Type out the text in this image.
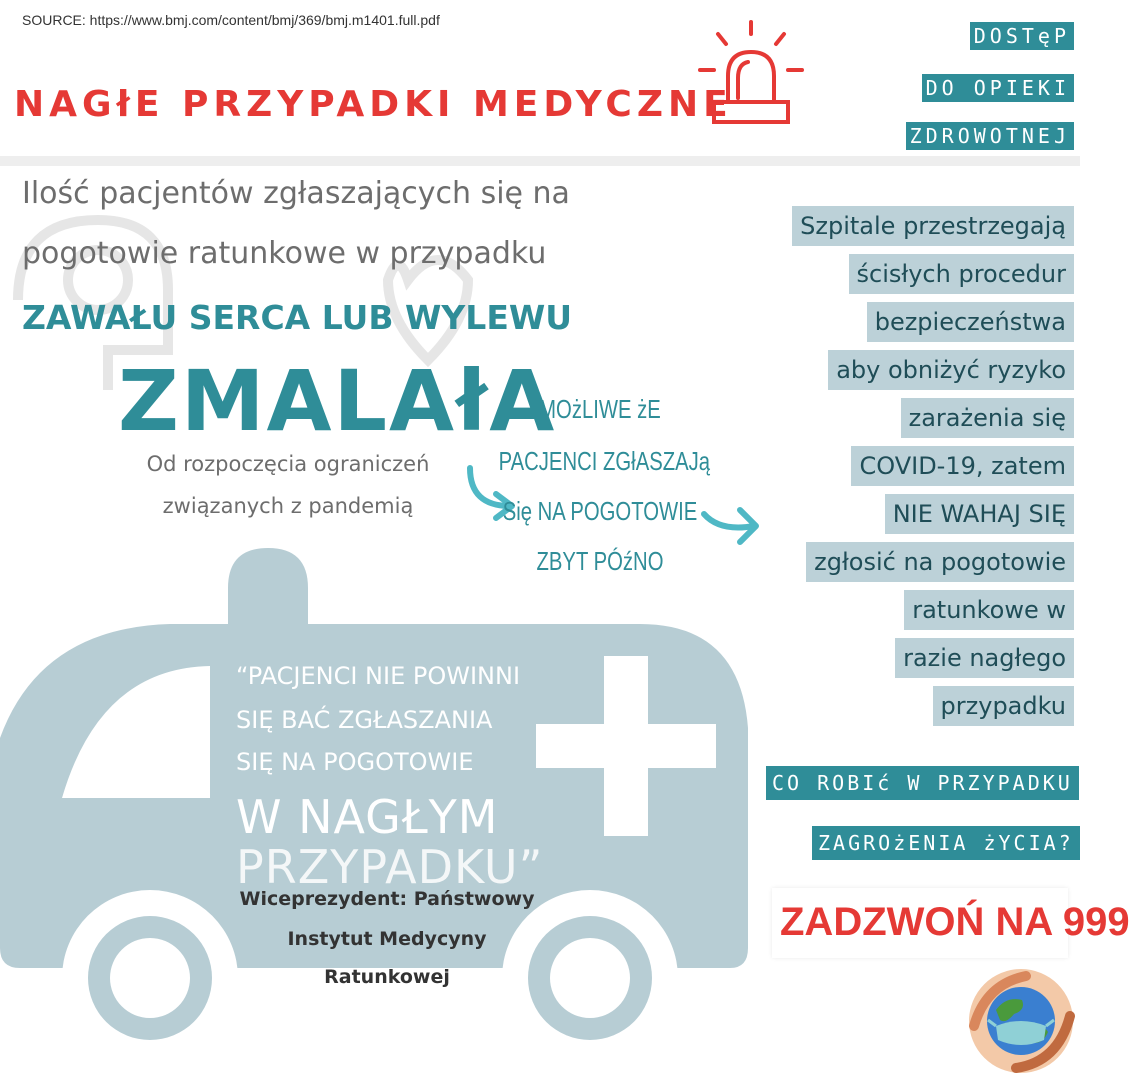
SOURCE: https://www.bmj.com/content/bmj/369/bmj.m1401.full.pdf
NAGłE PRZYPADKI MEDYCZNE
DOSTęP
DO OPIEKI
ZDROWOTNEJ
Ilość pacjentów zgłaszających się na
pogotowie ratunkowe w przypadku
ZAWAŁU SERCA LUB WYLEWU
ZMALAłA
Od rozpoczęcia ograniczeń
związanych z pandemią
MOżLIWE żE
PACJENCI ZGłASZAJą
Się NA POGOTOWIE
ZBYT PÓźNO
Szpitale przestrzegają
ścisłych procedur
bezpieczeństwa
aby obniżyć ryzyko
zarażenia się
COVID-19, zatem
NIE WAHAJ SIĘ
zgłosić na pogotowie
ratunkowe w
razie nagłego
przypadku
“PACJENCI NIE POWINNI
SIĘ BAĆ ZGŁASZANIA
SIĘ NA POGOTOWIE
W NAGŁYM
PRZYPADKU”
Wiceprezydent: Państwowy
Instytut Medycyny
Ratunkowej
CO ROBIć W PRZYPADKU
ZAGROżENIA żYCIA?
ZADZWOŃ NA 999
